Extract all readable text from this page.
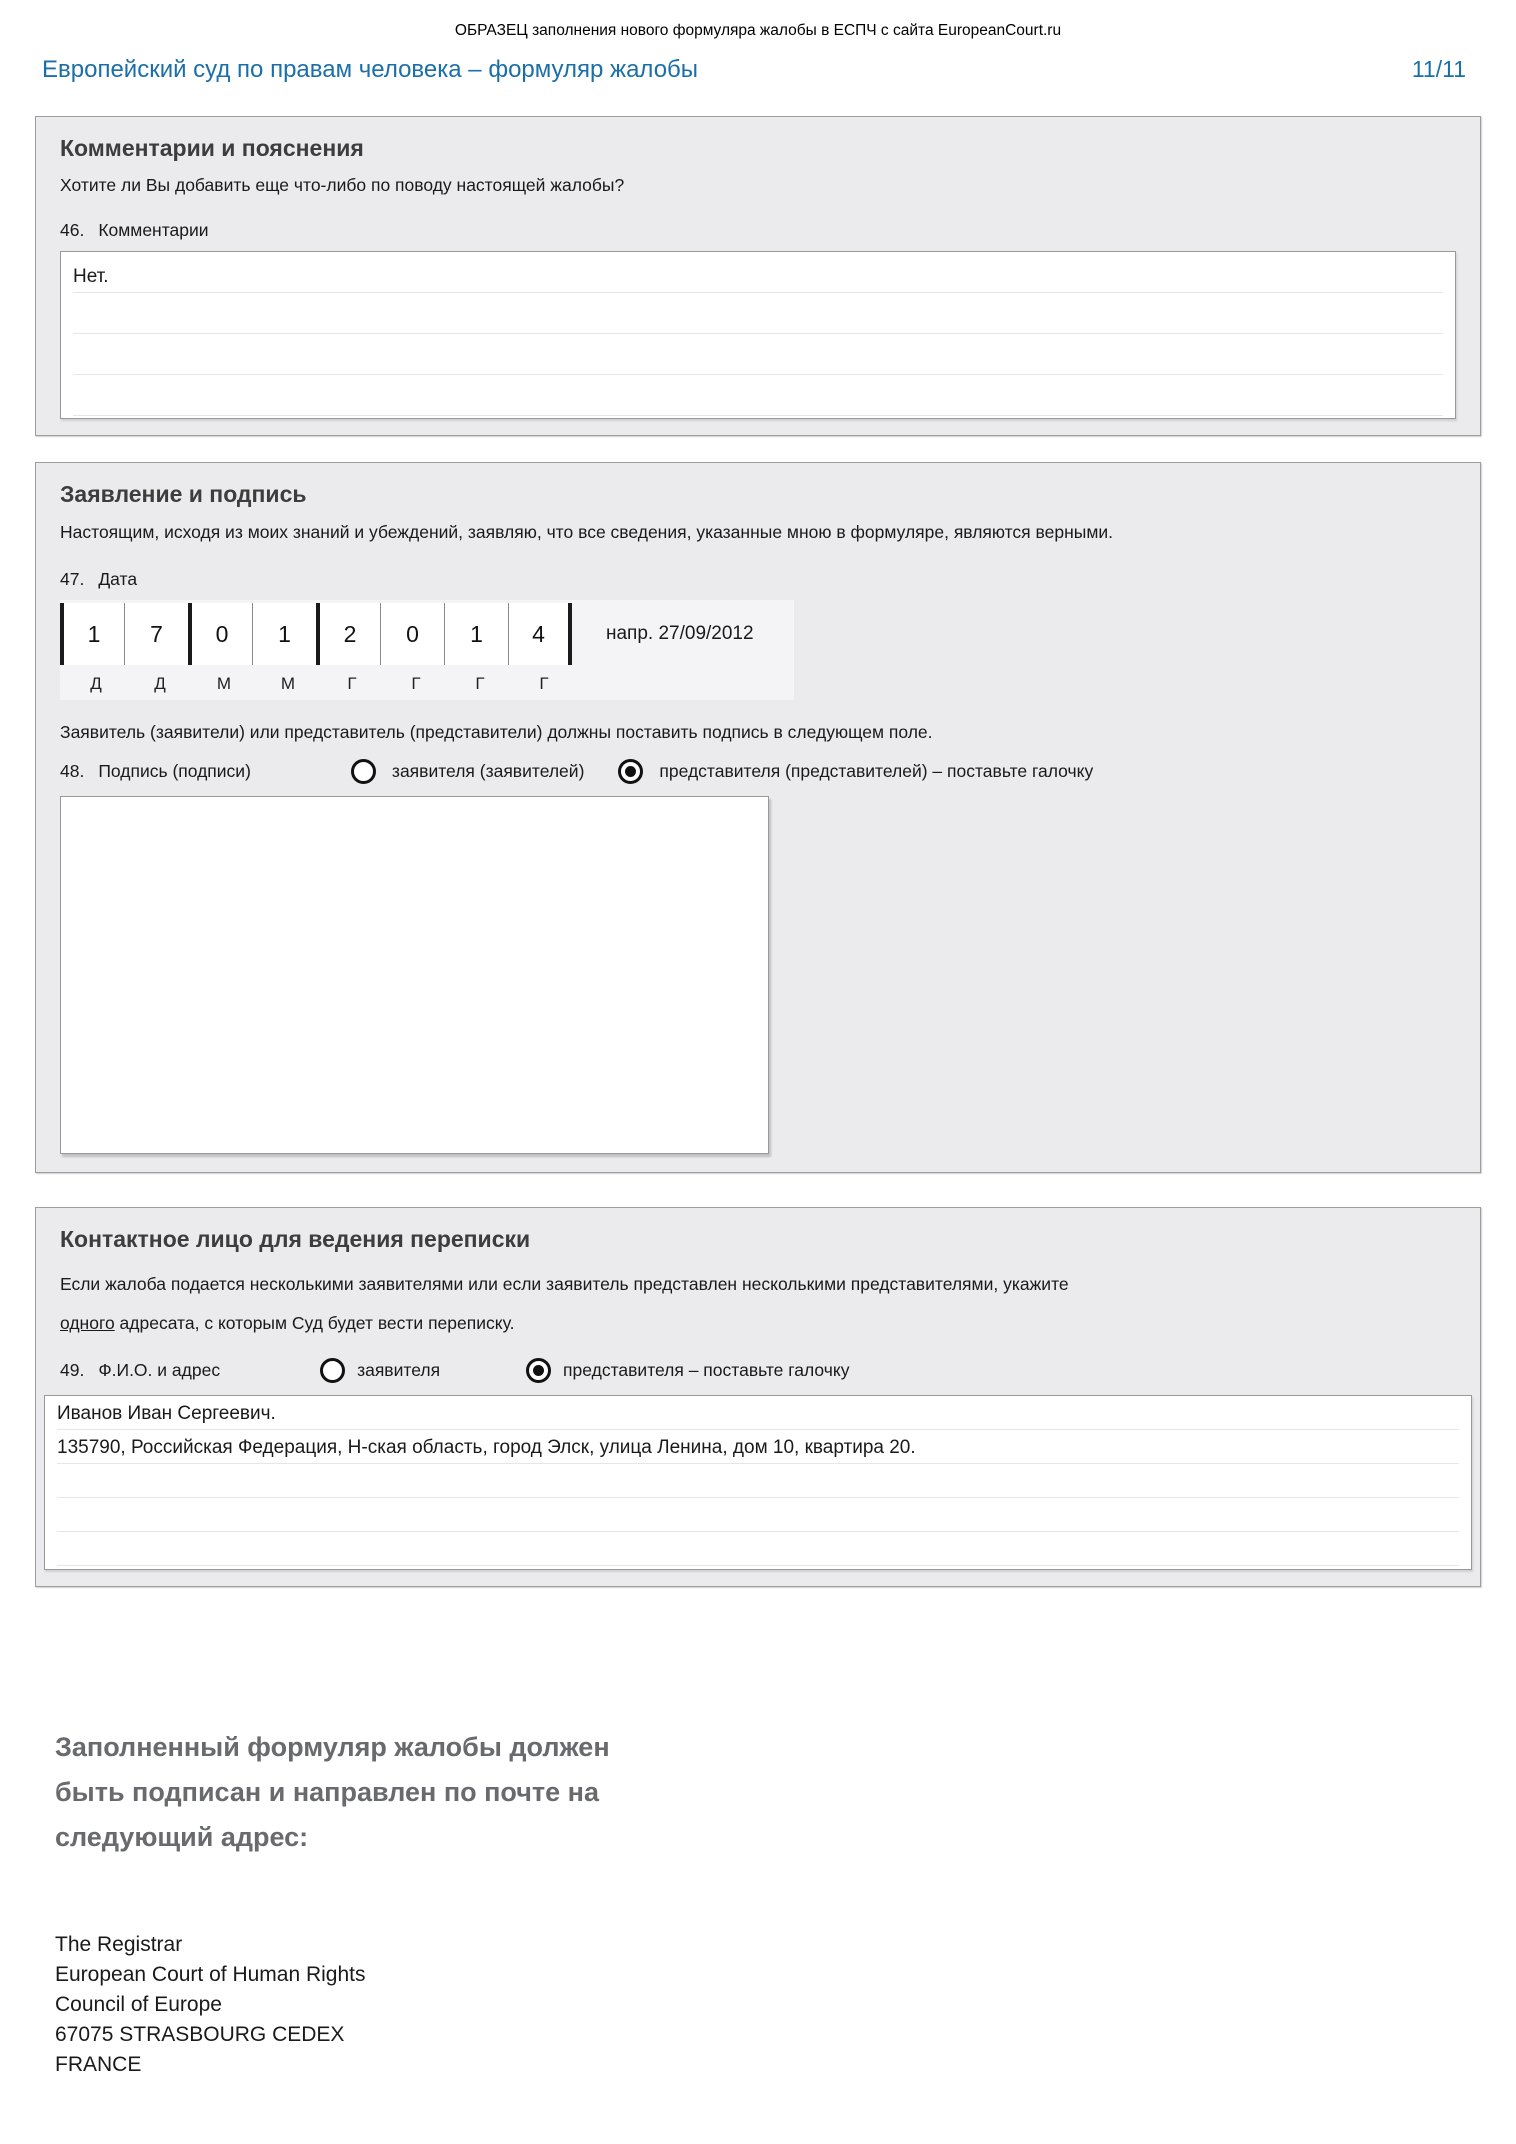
ОБРАЗЕЦ заполнения нового формуляра жалобы в ЕСПЧ с сайта EuropeanCourt.ru
Европейский суд по правам человека – формуляр жалобы	11/11
Комментарии и пояснения
Хотите ли Вы добавить еще что-либо по поводу настоящей жалобы?
46. Комментарии
Нет.
Заявление и подпись
Настоящим, исходя из моих знаний и убеждений, заявляю, что все сведения, указанные мною в формуляре, являются верными.
47. Дата
1	7	0	1	2	0	1	4	напр. 27/09/2012
Д	Д	М	М	Г	Г	Г	Г
Заявитель (заявители) или представитель (представители) должны поставить подпись в следующем поле.
48. Подпись (подписи)	заявителя (заявителей)	представителя (представителей) – поставьте галочку
Контактное лицо для ведения переписки
Если жалоба подается несколькими заявителями или если заявитель представлен несколькими представителями, укажите
одного адресата, с которым Суд будет вести переписку.
49. Ф.И.О. и адрес	заявителя	представителя – поставьте галочку
Иванов Иван Сергеевич.
135790, Российская Федерация, Н-ская область, город Элск, улица Ленина, дом 10, квартира 20.
Заполненный формуляр жалобы должен
быть подписан и направлен по почте на
следующий адрес:
The Registrar
European Court of Human Rights
Council of Europe
67075 STRASBOURG CEDEX
FRANCE
